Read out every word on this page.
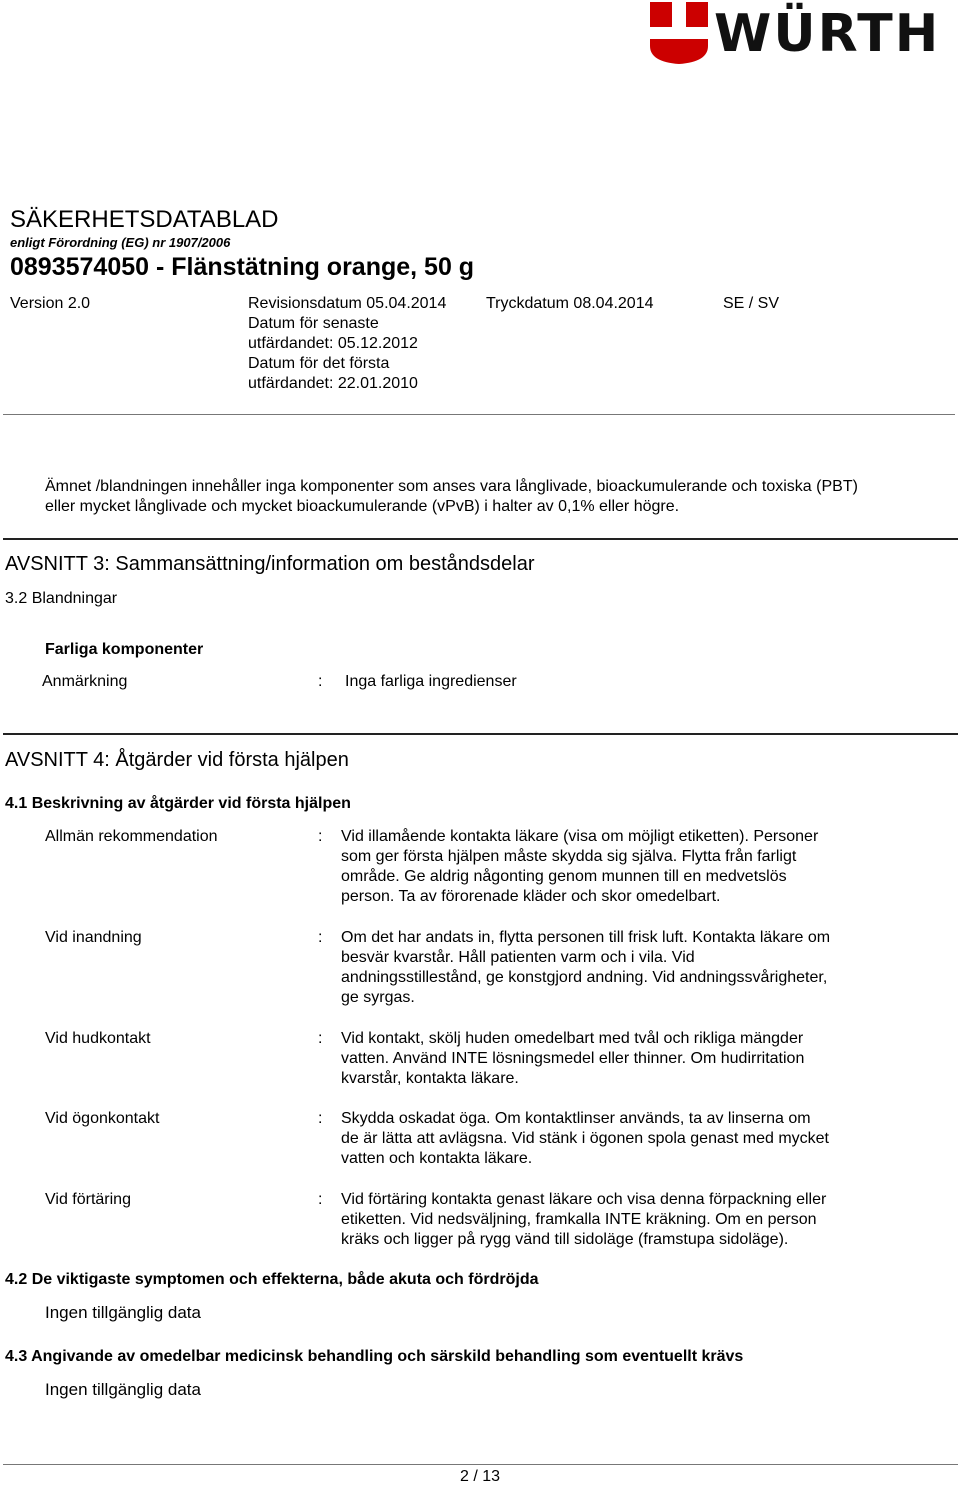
WÜRTH
SÄKERHETSDATABLAD
enligt Förordning (EG) nr 1907/2006
0893574050 - Flänstätning orange, 50 g
Version 2.0	Revisionsdatum 05.04.2014
Datum för senaste
utfärdandet: 05.12.2012
Datum för det första
utfärdandet: 22.01.2010
Tryckdatum 08.04.2014	SE / SV
Ämnet /blandningen innehåller inga komponenter som anses vara långlivade, bioackumulerande och toxiska (PBT)
eller mycket långlivade och mycket bioackumulerande (vPvB) i halter av 0,1% eller högre.
AVSNITT 3: Sammansättning/information om beståndsdelar
3.2 Blandningar
Farliga komponenter
Anmärkning	: Inga farliga ingredienser
AVSNITT 4: Åtgärder vid första hjälpen
4.1 Beskrivning av åtgärder vid första hjälpen
Allmän rekommendation	: Vid illamående kontakta läkare (visa om möjligt etiketten). Personer
som ger första hjälpen måste skydda sig själva. Flytta från farligt
område. Ge aldrig någonting genom munnen till en medvetslös
person. Ta av förorenade kläder och skor omedelbart.
Vid inandning	: Om det har andats in, flytta personen till frisk luft. Kontakta läkare om
besvär kvarstår. Håll patienten varm och i vila. Vid
andningsstillestånd, ge konstgjord andning. Vid andningssvårigheter,
ge syrgas.
Vid hudkontakt	: Vid kontakt, skölj huden omedelbart med tvål och rikliga mängder
vatten. Använd INTE lösningsmedel eller thinner. Om hudirritation
kvarstår, kontakta läkare.
Vid ögonkontakt	: Skydda oskadat öga. Om kontaktlinser används, ta av linserna om
de är lätta att avlägsna. Vid stänk i ögonen spola genast med mycket
vatten och kontakta läkare.
Vid förtäring	: Vid förtäring kontakta genast läkare och visa denna förpackning eller
etiketten. Vid nedsväljning, framkalla INTE kräkning. Om en person
kräks och ligger på rygg vänd till sidoläge (framstupa sidoläge).
4.2 De viktigaste symptomen och effekterna, både akuta och fördröjda
Ingen tillgänglig data
4.3 Angivande av omedelbar medicinsk behandling och särskild behandling som eventuellt krävs
Ingen tillgänglig data
2 / 13
